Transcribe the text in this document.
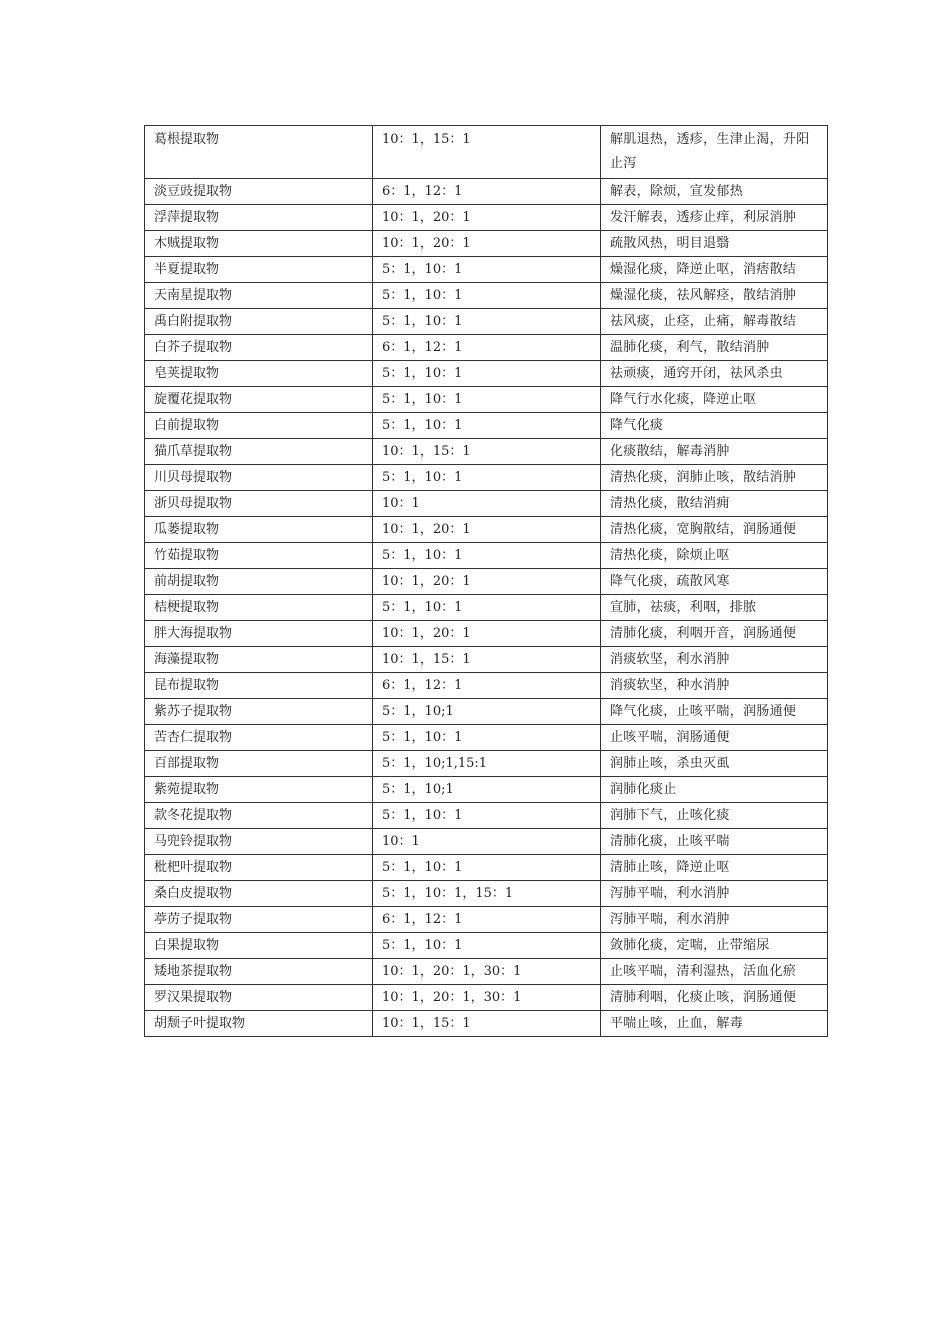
葛根提取物	10：1，15：1	解肌退热，透疹，生津止渴，升阳止泻
淡豆豉提取物	6：1，12：1	解表，除烦，宣发郁热
浮萍提取物	10：1，20：1	发汗解表，透疹止痒，利尿消肿
木贼提取物	10：1，20：1	疏散风热，明目退翳
半夏提取物	5：1，10：1	燥湿化痰，降逆止呕，消痞散结
天南星提取物	5：1，10：1	燥湿化痰，祛风解痉，散结消肿
禹白附提取物	5：1，10：1	祛风痰，止痉，止痛，解毒散结
白芥子提取物	6：1，12：1	温肺化痰，利气，散结消肿
皂荚提取物	5：1，10：1	祛顽痰，通窍开闭，祛风杀虫
旋覆花提取物	5：1，10：1	降气行水化痰，降逆止呕
白前提取物	5：1，10：1	降气化痰
猫爪草提取物	10：1，15：1	化痰散结，解毒消肿
川贝母提取物	5：1，10：1	清热化痰，润肺止咳，散结消肿
浙贝母提取物	10：1	清热化痰，散结消痈
瓜蒌提取物	10：1，20：1	清热化痰，宽胸散结，润肠通便
竹茹提取物	5：1，10：1	清热化痰，除烦止呕
前胡提取物	10：1，20：1	降气化痰，疏散风寒
桔梗提取物	5：1，10：1	宣肺，祛痰，利咽，排脓
胖大海提取物	10：1，20：1	清肺化痰，利咽开音，润肠通便
海藻提取物	10：1，15：1	消痰软坚，利水消肿
昆布提取物	6：1，12：1	消痰软坚，种水消肿
紫苏子提取物	5：1，10;1	降气化痰，止咳平喘，润肠通便
苦杏仁提取物	5：1，10：1	止咳平喘，润肠通便
百部提取物	5：1，10;1,15:1	润肺止咳，杀虫灭虱
紫菀提取物	5：1，10;1	润肺化痰止
款冬花提取物	5：1，10：1	润肺下气，止咳化痰
马兜铃提取物	10：1	清肺化痰，止咳平喘
枇杷叶提取物	5：1，10：1	清肺止咳，降逆止呕
桑白皮提取物	5：1，10：1，15：1	泻肺平喘，利水消肿
葶苈子提取物	6：1，12：1	泻肺平喘，利水消肿
白果提取物	5：1，10：1	敛肺化痰，定喘，止带缩尿
矮地茶提取物	10：1，20：1，30：1	止咳平喘，清利湿热，活血化瘀
罗汉果提取物	10：1，20：1，30：1	清肺利咽，化痰止咳，润肠通便
胡颓子叶提取物	10：1，15：1	平喘止咳，止血，解毒
